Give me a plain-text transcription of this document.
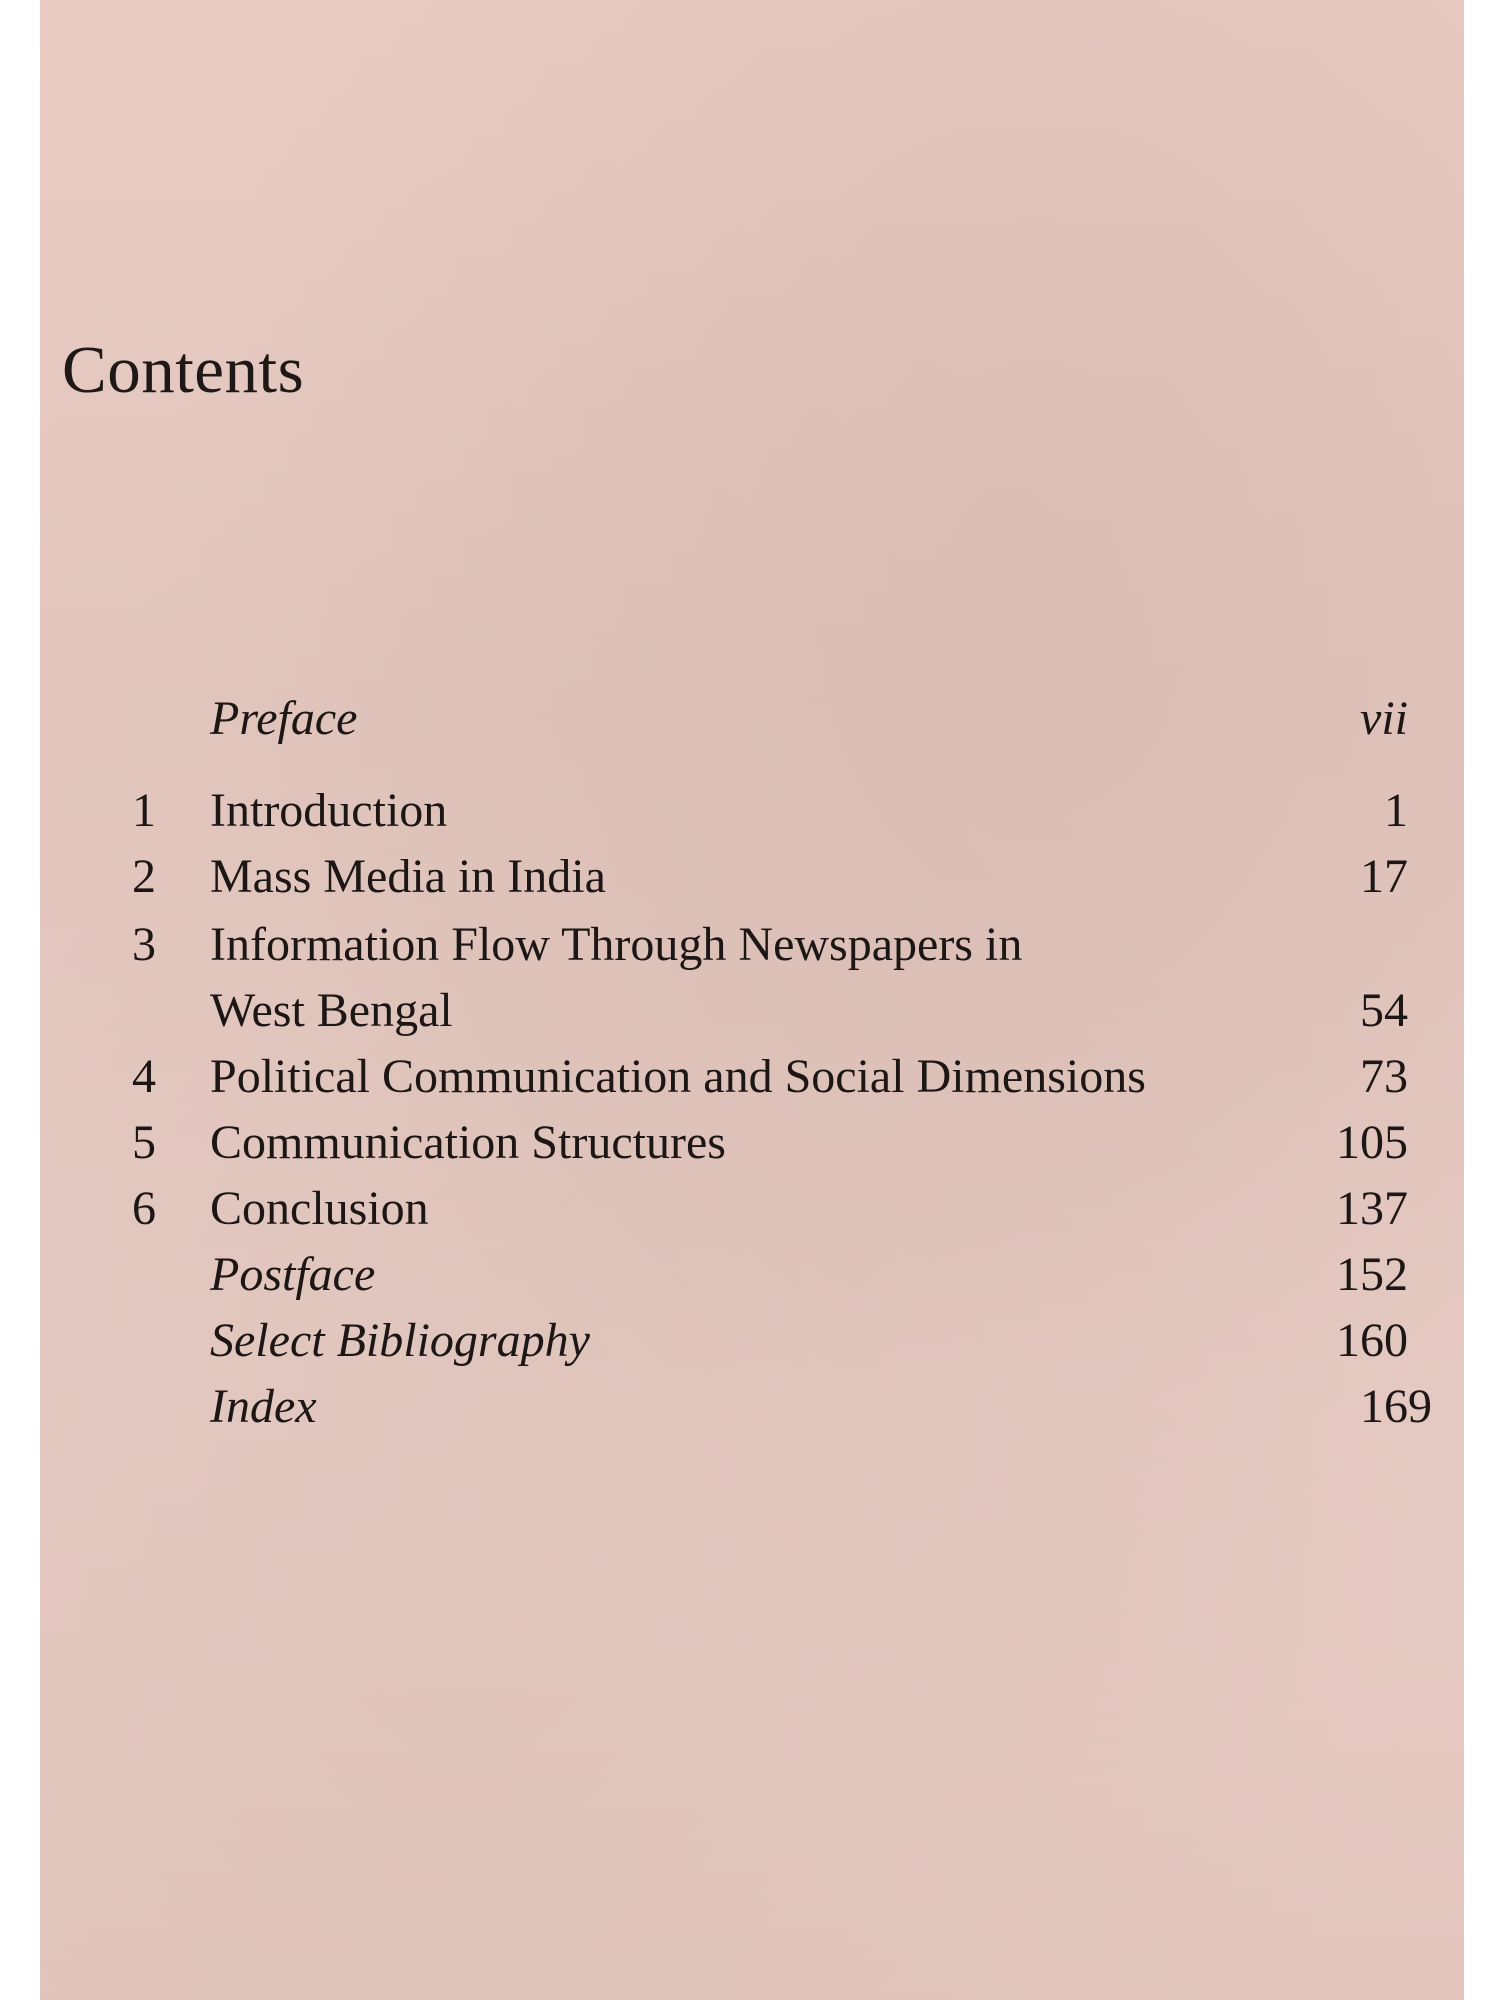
Contents
Preface	vii
1	Introduction	1
2	Mass Media in India	17
3	Information Flow Through Newspapers in
West Bengal	54
4	Political Communication and Social Dimensions	73
5	Communication Structures	105
6	Conclusion	137
Postface	152
Select Bibliography	160
Index	169
